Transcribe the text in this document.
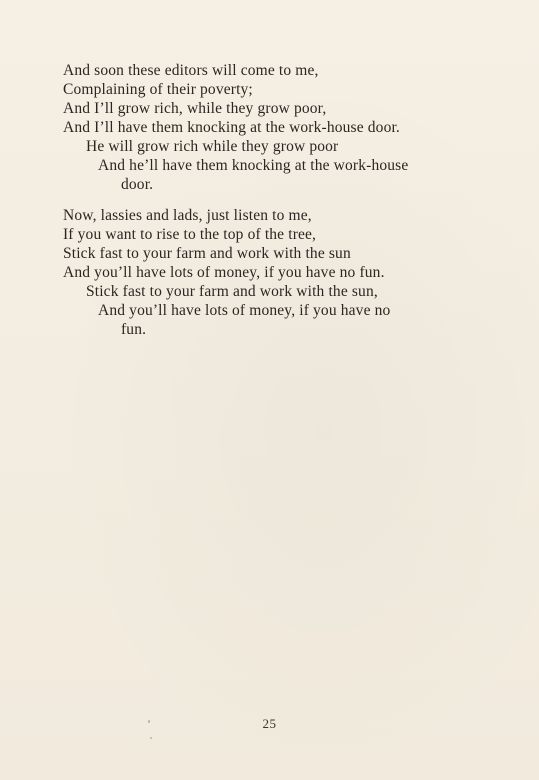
And soon these editors will come to me,
Complaining of their poverty;
And I’ll grow rich, while they grow poor,
And I’ll have them knocking at the work-house door.
He will grow rich while they grow poor
And he’ll have them knocking at the work-house
door.
Now, lassies and lads, just listen to me,
If you want to rise to the top of the tree,
Stick fast to your farm and work with the sun
And you’ll have lots of money, if you have no fun.
Stick fast to your farm and work with the sun,
And you’ll have lots of money, if you have no
fun.
25
